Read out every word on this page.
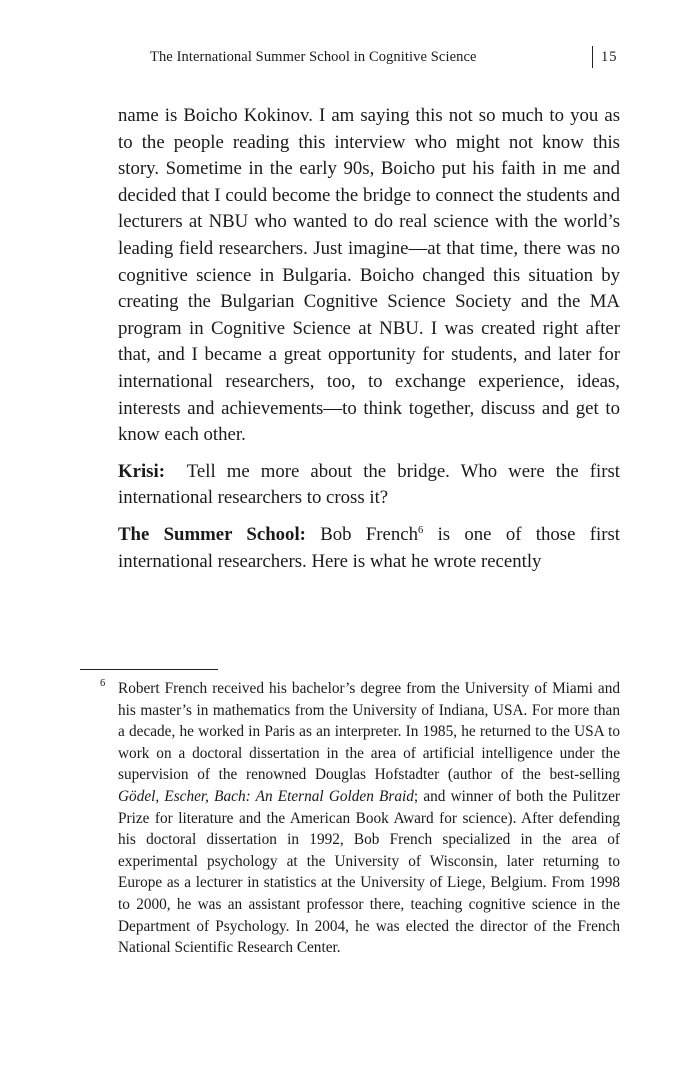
The International Summer School in Cognitive Science	15

name is Boicho Kokinov. I am saying this not so much to you as to the people reading this interview who might not know this story. Sometime in the early 90s, Boicho put his faith in me and decided that I could become the bridge to connect the students and lecturers at NBU who wanted to do real science with the world’s leading field researchers. Just imagine—at that time, there was no cognitive science in Bulgaria. Boicho changed this situation by creating the Bulgarian Cognitive Science Society and the MA program in Cognitive Science at NBU. I was created right after that, and I became a great opportunity for students, and later for international researchers, too, to exchange experience, ideas, interests and achievements—to think together, discuss and get to know each other.

Krisi: Tell me more about the bridge. Who were the first international researchers to cross it?

The Summer School: Bob French$^6$ is one of those first international researchers. Here is what he wrote recently

6 Robert French received his bachelor’s degree from the University of Miami and his master’s in mathematics from the University of Indiana, USA. For more than a decade, he worked in Paris as an interpreter. In 1985, he returned to the USA to work on a doctoral dissertation in the area of artificial intelligence under the supervision of the renowned Douglas Hofstadter (author of the best-selling Gödel, Escher, Bach: An Eternal Golden Braid; and winner of both the Pulitzer Prize for literature and the American Book Award for science). After defending his doctoral dissertation in 1992, Bob French specialized in the area of experimental psychology at the University of Wisconsin, later returning to Europe as a lecturer in statistics at the University of Liege, Belgium. From 1998 to 2000, he was an assistant professor there, teaching cognitive science in the Department of Psychology. In 2004, he was elected the director of the French National Scientific Research Center.
